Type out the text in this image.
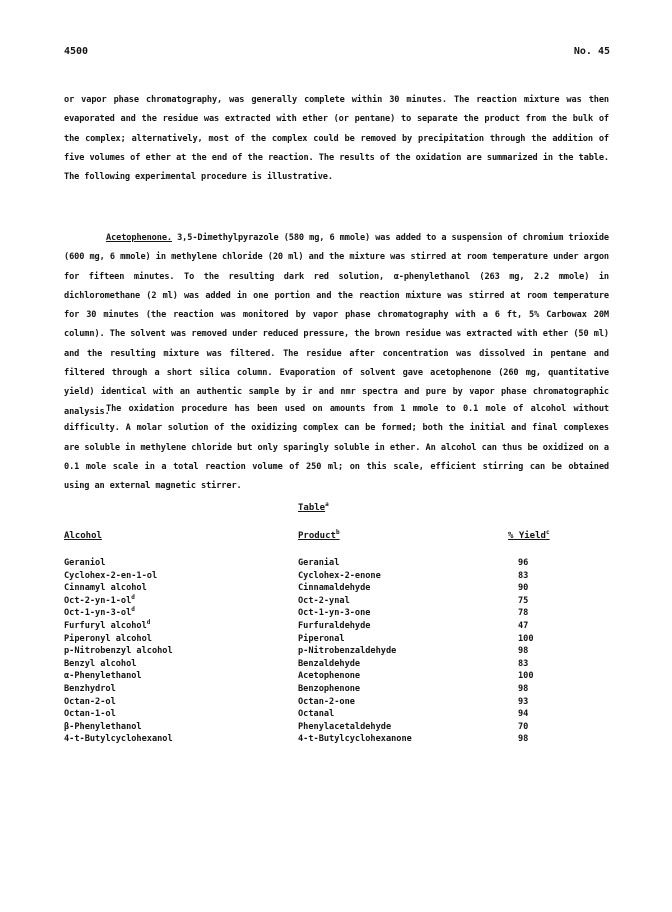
4500	No. 45
or vapor phase chromatography, was generally complete within 30 minutes. The reaction mixture was then evaporated and the residue was extracted with ether (or pentane) to separate the product from the bulk of the complex; alternatively, most of the complex could be removed by precipitation through the addition of five volumes of ether at the end of the reaction. The results of the oxidation are summarized in the table. The following experimental procedure is illustrative.
Acetophenone. 3,5-Dimethylpyrazole (580 mg, 6 mmole) was added to a suspension of chromium trioxide (600 mg, 6 mmole) in methylene chloride (20 ml) and the mixture was stirred at room temperature under argon for fifteen minutes. To the resulting dark red solution, α-phenylethanol (263 mg, 2.2 mmole) in dichloromethane (2 ml) was added in one portion and the reaction mixture was stirred at room temperature for 30 minutes (the reaction was monitored by vapor phase chromatography with a 6 ft, 5% Carbowax 20M column). The solvent was removed under reduced pressure, the brown residue was extracted with ether (50 ml) and the resulting mixture was filtered. The residue after concentration was dissolved in pentane and filtered through a short silica column. Evaporation of solvent gave acetophenone (260 mg, quantitative yield) identical with an authentic sample by ir and nmr spectra and pure by vapor phase chromatographic analysis.
The oxidation procedure has been used on amounts from 1 mmole to 0.1 mole of alcohol without difficulty. A molar solution of the oxidizing complex can be formed; both the initial and final complexes are soluble in methylene chloride but only sparingly soluble in ether. An alcohol can thus be oxidized on a 0.1 mole scale in a total reaction volume of 250 ml; on this scale, efficient stirring can be obtained using an external magnetic stirrer.
Table$^a$
Alcohol	Product$^b$	% Yield$^c$
Geraniol	Geranial	96
Cyclohex-2-en-1-ol	Cyclohex-2-enone	83
Cinnamyl alcohol	Cinnamaldehyde	90
Oct-$2-yn-1-ol^d$	Oct-2-ynal	75
Oct-$1-yn-3-ol^d$	Oct-1-yn-3-one	78
Furfuryl alcohol$^d$	Furfuraldehyde	47
Piperonyl alcohol	Piperonal	100
p-Nitrobenzyl alcohol	p-Nitrobenzaldehyde	98
Benzyl alcohol	Benzaldehyde	83
α-Phenylethanol	Acetophenone	100
Benzhydrol	Benzophenone	98
Octan-2-ol	Octan-2-one	93
Octan-1-ol	Octanal	94
β-Phenylethanol	Phenylacetaldehyde	70
4-t-Butylcyclohexanol	4-t-Butylcyclohexanone	98
